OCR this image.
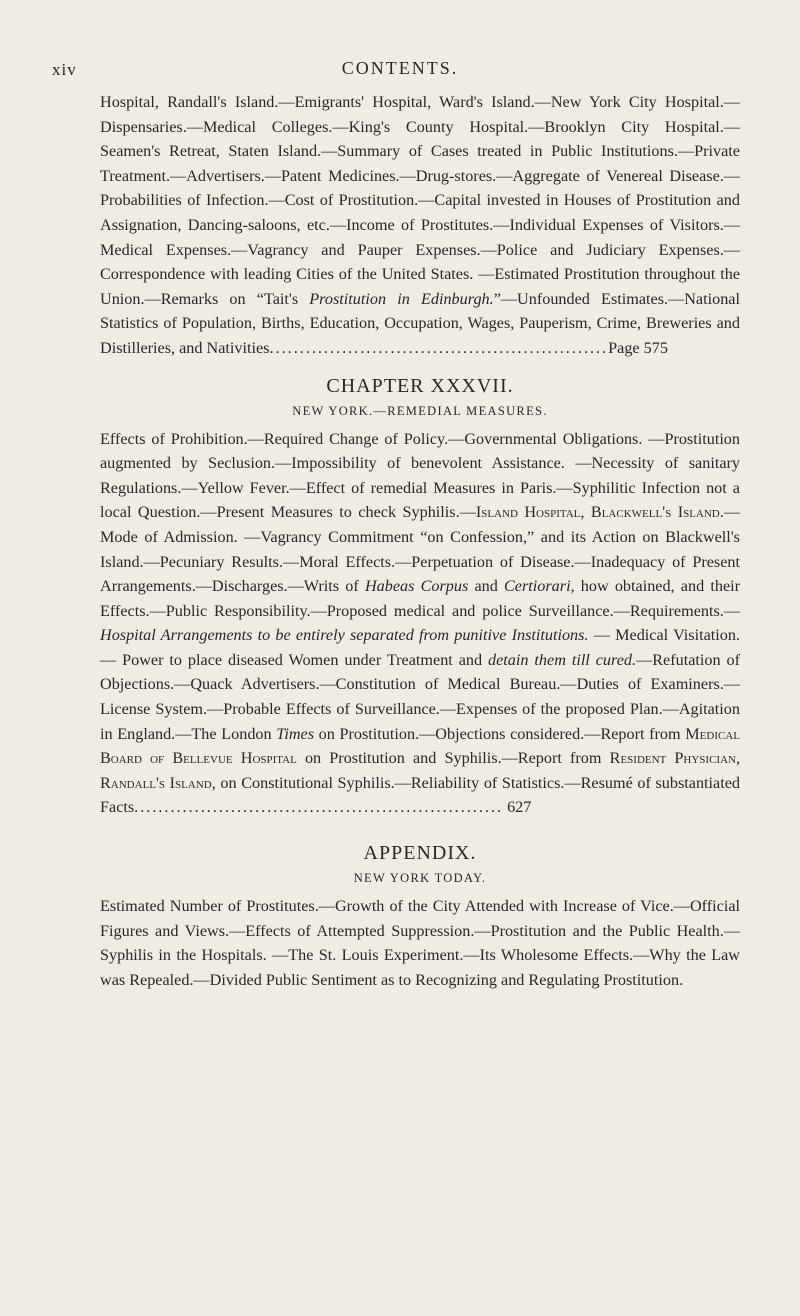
xiv	CONTENTS.

Hospital, Randall's Island.—Emigrants' Hospital, Ward's Island.—New York City Hospital.—Dispensaries.—Medical Colleges.—King's County Hospital.—Brooklyn City Hospital.—Seamen's Retreat, Staten Island.—Summary of Cases treated in Public Institutions.—Private Treatment.—Advertisers.—Patent Medicines.—Drug-stores.—Aggregate of Venereal Disease.—Probabilities of Infection.—Cost of Prostitution.—Capital invested in Houses of Prostitution and Assignation, Dancing-saloons, etc.—Income of Prostitutes.—Individual Expenses of Visitors.—Medical Expenses.—Vagrancy and Pauper Expenses.—Police and Judiciary Expenses.—Correspondence with leading Cities of the United States. —Estimated Prostitution throughout the Union.—Remarks on “Tait's Prostitution in Edinburgh.”—Unfounded Estimates.—National Statistics of Population, Births, Education, Occupation, Wages, Pauperism, Crime, Breweries and Distilleries, and Nativities........................................................Page 575

CHAPTER XXXVII.
NEW YORK.—REMEDIAL MEASURES.

Effects of Prohibition.—Required Change of Policy.—Governmental Obligations. —Prostitution augmented by Seclusion.—Impossibility of benevolent Assistance. —Necessity of sanitary Regulations.—Yellow Fever.—Effect of remedial Measures in Paris.—Syphilitic Infection not a local Question.—Present Measures to check Syphilis.—Island Hospital, Blackwell's Island.—Mode of Admission. —Vagrancy Commitment “on Confession,” and its Action on Blackwell's Island.—Pecuniary Results.—Moral Effects.—Perpetuation of Disease.—Inadequacy of Present Arrangements.—Discharges.—Writs of Habeas Corpus and Certiorari, how obtained, and their Effects.—Public Responsibility.—Proposed medical and police Surveillance.—Requirements.—Hospital Arrangements to be entirely separated from punitive Institutions. — Medical Visitation. — Power to place diseased Women under Treatment and detain them till cured.—Refutation of Objections.—Quack Advertisers.—Constitution of Medical Bureau.—Duties of Examiners.—License System.—Probable Effects of Surveillance.—Expenses of the proposed Plan.—Agitation in England.—The London Times on Prostitution.—Objections considered.—Report from Medical Board of Bellevue Hospital on Prostitution and Syphilis.—Report from Resident Physician, Randall's Island, on Constitutional Syphilis.—Reliability of Statistics.—Resumé of substantiated Facts............................................................. 627

APPENDIX.
NEW YORK TODAY.

Estimated Number of Prostitutes.—Growth of the City Attended with Increase of Vice.—Official Figures and Views.—Effects of Attempted Suppression.—Prostitution and the Public Health.—Syphilis in the Hospitals. —The St. Louis Experiment.—Its Wholesome Effects.—Why the Law was Repealed.—Divided Public Sentiment as to Recognizing and Regulating Prostitution.
